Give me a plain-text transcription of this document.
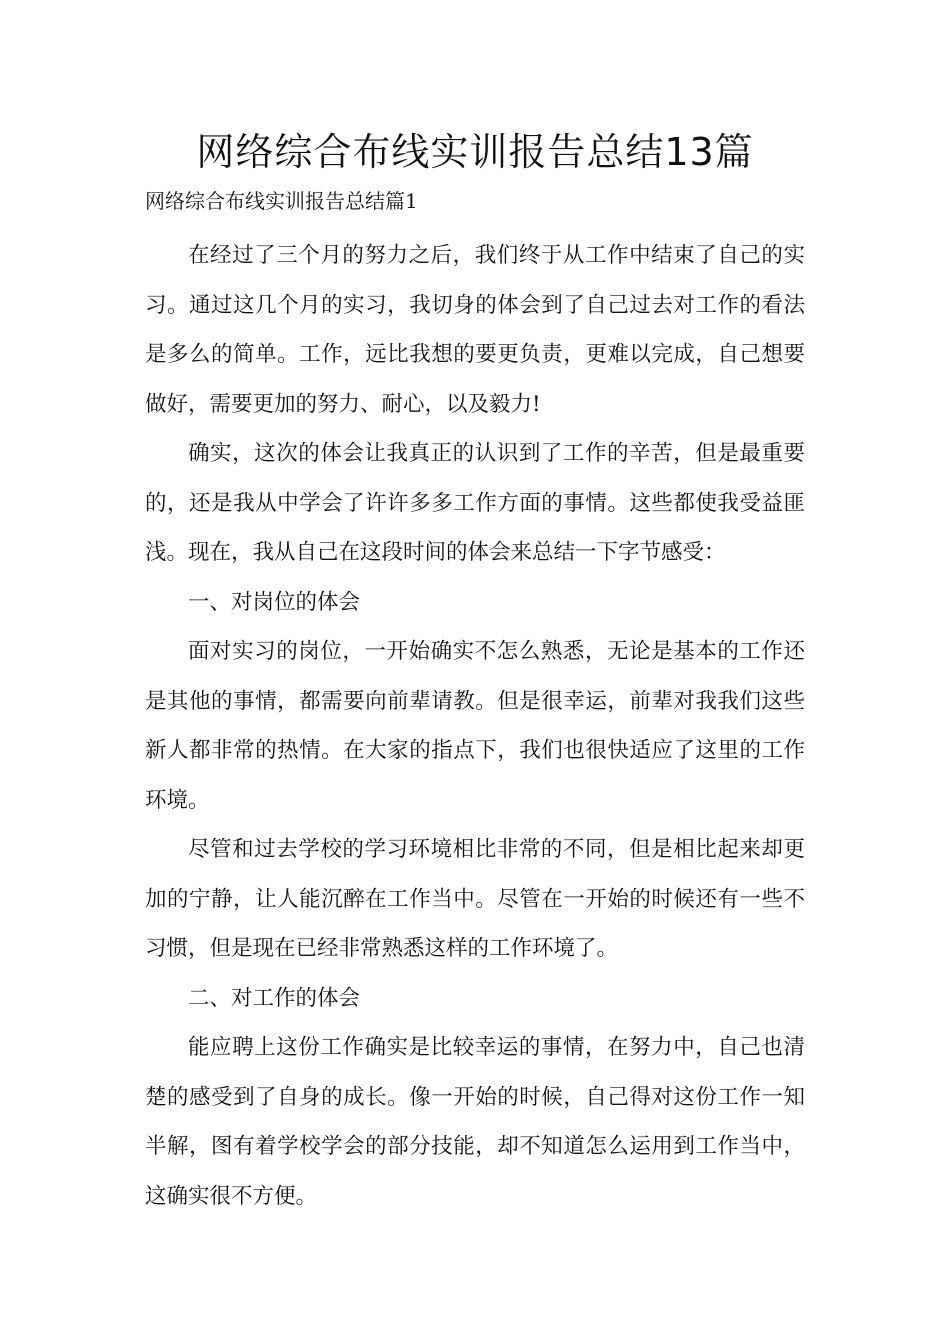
网络综合布线实训报告总结13篇
网络综合布线实训报告总结篇1

在经过了三个月的努力之后，我们终于从工作中结束了自己的实习。通过这几个月的实习，我切身的体会到了自己过去对工作的看法是多么的简单。工作，远比我想的要更负责，更难以完成，自己想要做好，需要更加的努力、耐心，以及毅力!

确实，这次的体会让我真正的认识到了工作的辛苦，但是最重要的，还是我从中学会了许许多多工作方面的事情。这些都使我受益匪浅。现在，我从自己在这段时间的体会来总结一下字节感受：

一、对岗位的体会

面对实习的岗位，一开始确实不怎么熟悉，无论是基本的工作还是其他的事情，都需要向前辈请教。但是很幸运，前辈对我我们这些新人都非常的热情。在大家的指点下，我们也很快适应了这里的工作环境。

尽管和过去学校的学习环境相比非常的不同，但是相比起来却更加的宁静，让人能沉醉在工作当中。尽管在一开始的时候还有一些不习惯，但是现在已经非常熟悉这样的工作环境了。

二、对工作的体会

能应聘上这份工作确实是比较幸运的事情，在努力中，自己也清楚的感受到了自身的成长。像一开始的时候，自己得对这份工作一知半解，图有着学校学会的部分技能，却不知道怎么运用到工作当中，这确实很不方便。
